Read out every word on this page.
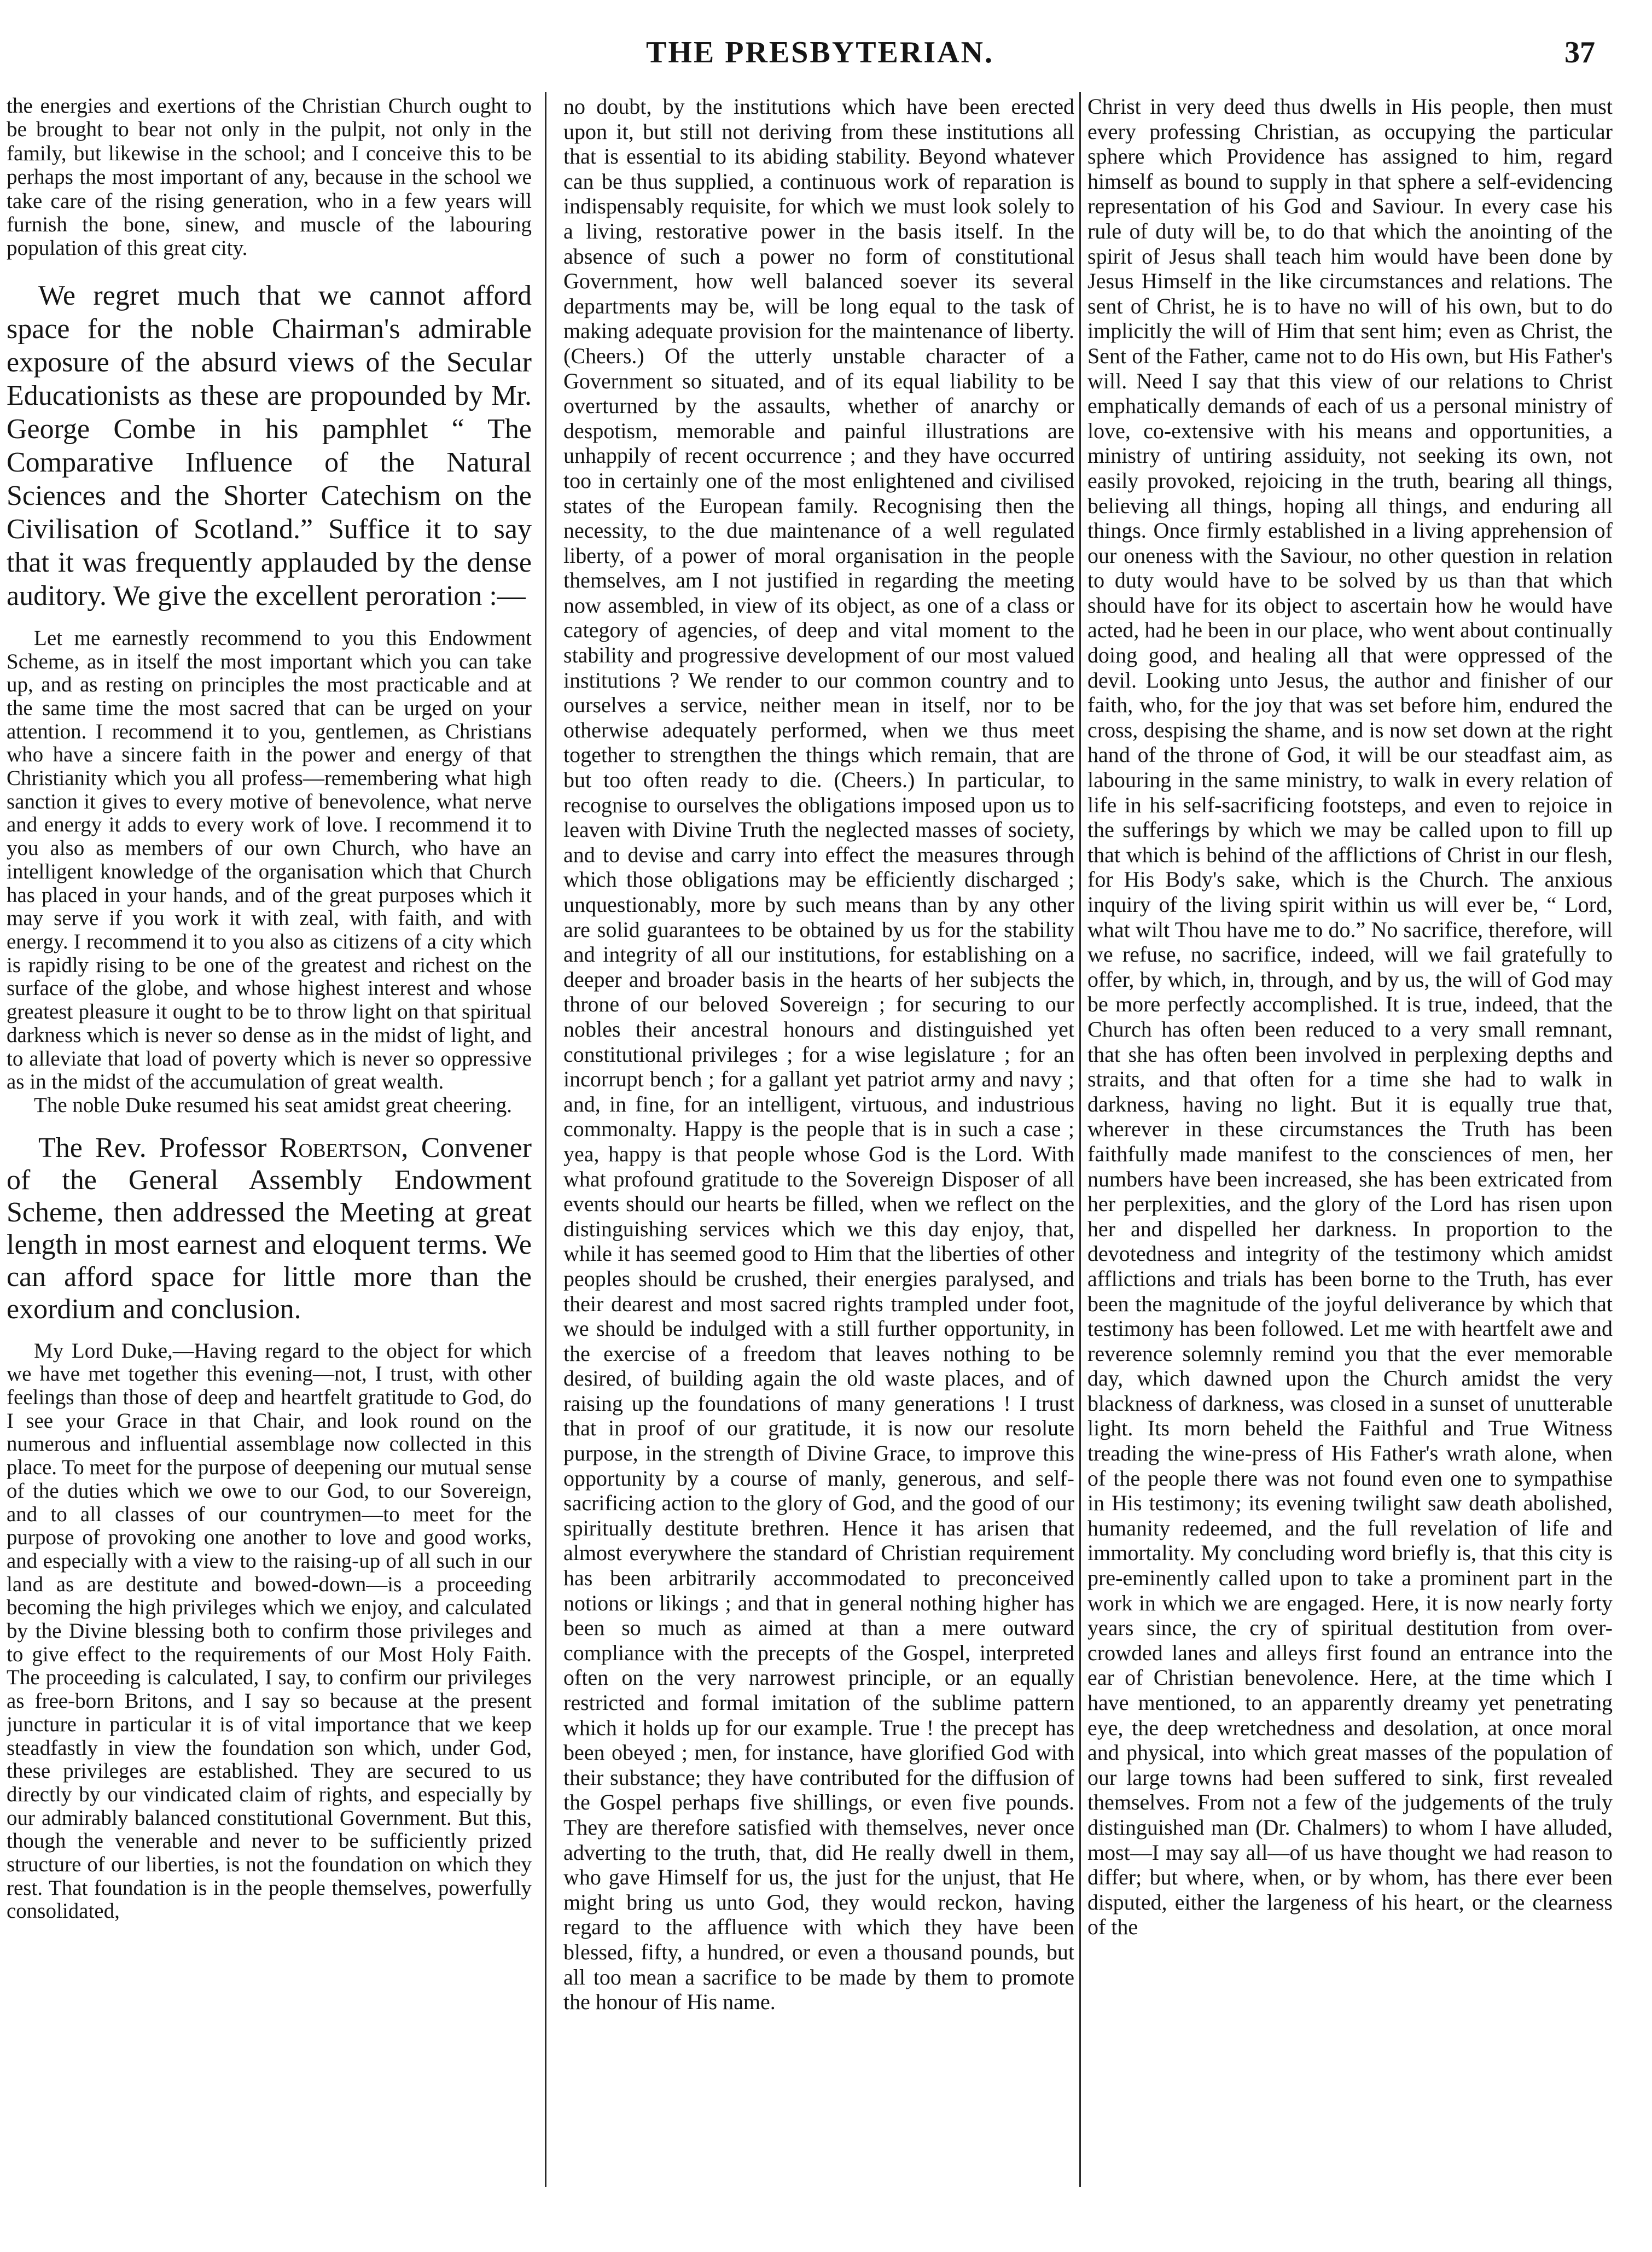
THE PRESBYTERIAN.	37

the energies and exertions of the Christian Church ought to be brought to bear not only in the pulpit, not only in the family, but likewise in the school; and I conceive this to be perhaps the most important of any, because in the school we take care of the rising generation, who in a few years will furnish the bone, sinew, and muscle of the labouring population of this great city.

We regret much that we cannot afford space for the noble Chairman's admirable exposure of the absurd views of the Secular Educationists as these are propounded by Mr. George Combe in his pamphlet “ The Comparative Influence of the Natural Sciences and the Shorter Catechism on the Civilisation of Scotland.” Suffice it to say that it was frequently applauded by the dense auditory. We give the excellent peroration :—

Let me earnestly recommend to you this Endowment Scheme, as in itself the most important which you can take up, and as resting on principles the most practicable and at the same time the most sacred that can be urged on your attention. I recommend it to you, gentlemen, as Christians who have a sincere faith in the power and energy of that Christianity which you all profess—remembering what high sanction it gives to every motive of benevolence, what nerve and energy it adds to every work of love. I recommend it to you also as members of our own Church, who have an intelligent knowledge of the organisation which that Church has placed in your hands, and of the great purposes which it may serve if you work it with zeal, with faith, and with energy. I recommend it to you also as citizens of a city which is rapidly rising to be one of the greatest and richest on the surface of the globe, and whose highest interest and whose greatest pleasure it ought to be to throw light on that spiritual darkness which is never so dense as in the midst of light, and to alleviate that load of poverty which is never so oppressive as in the midst of the accumulation of great wealth.

The noble Duke resumed his seat amidst great cheering.

The Rev. Professor Robertson, Convener of the General Assembly Endowment Scheme, then addressed the Meeting at great length in most earnest and eloquent terms. We can afford space for little more than the exordium and conclusion.

My Lord Duke,—Having regard to the object for which we have met together this evening—not, I trust, with other feelings than those of deep and heartfelt gratitude to God, do I see your Grace in that Chair, and look round on the numerous and influential assemblage now collected in this place. To meet for the purpose of deepening our mutual sense of the duties which we owe to our God, to our Sovereign, and to all classes of our countrymen—to meet for the purpose of provoking one another to love and good works, and especially with a view to the raising-up of all such in our land as are destitute and bowed-down—is a proceeding becoming the high privileges which we enjoy, and calculated by the Divine blessing both to confirm those privileges and to give effect to the requirements of our Most Holy Faith. The proceeding is calculated, I say, to confirm our privileges as free-born Britons, and I say so because at the present juncture in particular it is of vital importance that we keep steadfastly in view the foundation son which, under God, these privileges are established. They are secured to us directly by our vindicated claim of rights, and especially by our admirably balanced constitutional Government. But this, though the venerable and never to be sufficiently prized structure of our liberties, is not the foundation on which they rest. That foundation is in the people themselves, powerfully consolidated,

no doubt, by the institutions which have been erected upon it, but still not deriving from these institutions all that is essential to its abiding stability. Beyond whatever can be thus supplied, a continuous work of reparation is indispensably requisite, for which we must look solely to a living, restorative power in the basis itself. In the absence of such a power no form of constitutional Government, how well balanced soever its several departments may be, will be long equal to the task of making adequate provision for the maintenance of liberty. (Cheers.) Of the utterly unstable character of a Government so situated, and of its equal liability to be overturned by the assaults, whether of anarchy or despotism, memorable and painful illustrations are unhappily of recent occurrence ; and they have occurred too in certainly one of the most enlightened and civilised states of the European family. Recognising then the necessity, to the due maintenance of a well regulated liberty, of a power of moral organisation in the people themselves, am I not justified in regarding the meeting now assembled, in view of its object, as one of a class or category of agencies, of deep and vital moment to the stability and progressive development of our most valued institutions ? We render to our common country and to ourselves a service, neither mean in itself, nor to be otherwise adequately performed, when we thus meet together to strengthen the things which remain, that are but too often ready to die. (Cheers.) In particular, to recognise to ourselves the obligations imposed upon us to leaven with Divine Truth the neglected masses of society, and to devise and carry into effect the measures through which those obligations may be efficiently discharged ; unquestionably, more by such means than by any other are solid guarantees to be obtained by us for the stability and integrity of all our institutions, for establishing on a deeper and broader basis in the hearts of her subjects the throne of our beloved Sovereign ; for securing to our nobles their ancestral honours and distinguished yet constitutional privileges ; for a wise legislature ; for an incorrupt bench ; for a gallant yet patriot army and navy ; and, in fine, for an intelligent, virtuous, and industrious commonalty. Happy is the people that is in such a case ; yea, happy is that people whose God is the Lord. With what profound gratitude to the Sovereign Disposer of all events should our hearts be filled, when we reflect on the distinguishing services which we this day enjoy, that, while it has seemed good to Him that the liberties of other peoples should be crushed, their energies paralysed, and their dearest and most sacred rights trampled under foot, we should be indulged with a still further opportunity, in the exercise of a freedom that leaves nothing to be desired, of building again the old waste places, and of raising up the foundations of many generations ! I trust that in proof of our gratitude, it is now our resolute purpose, in the strength of Divine Grace, to improve this opportunity by a course of manly, generous, and self-sacrificing action to the glory of God, and the good of our spiritually destitute brethren. Hence it has arisen that almost everywhere the standard of Christian requirement has been arbitrarily accommodated to preconceived notions or likings ; and that in general nothing higher has been so much as aimed at than a mere outward compliance with the precepts of the Gospel, interpreted often on the very narrowest principle, or an equally restricted and formal imitation of the sublime pattern which it holds up for our example. True ! the precept has been obeyed ; men, for instance, have glorified God with their substance; they have contributed for the diffusion of the Gospel perhaps five shillings, or even five pounds. They are therefore satisfied with themselves, never once adverting to the truth, that, did He really dwell in them, who gave Himself for us, the just for the unjust, that He might bring us unto God, they would reckon, having regard to the affluence with which they have been blessed, fifty, a hundred, or even a thousand pounds, but all too mean a sacrifice to be made by them to promote the honour of His name.

Christ in very deed thus dwells in His people, then must every professing Christian, as occupying the particular sphere which Providence has assigned to him, regard himself as bound to supply in that sphere a self-evidencing representation of his God and Saviour. In every case his rule of duty will be, to do that which the anointing of the spirit of Jesus shall teach him would have been done by Jesus Himself in the like circumstances and relations. The sent of Christ, he is to have no will of his own, but to do implicitly the will of Him that sent him; even as Christ, the Sent of the Father, came not to do His own, but His Father's will. Need I say that this view of our relations to Christ emphatically demands of each of us a personal ministry of love, co-extensive with his means and opportunities, a ministry of untiring assiduity, not seeking its own, not easily provoked, rejoicing in the truth, bearing all things, believing all things, hoping all things, and enduring all things. Once firmly established in a living apprehension of our oneness with the Saviour, no other question in relation to duty would have to be solved by us than that which should have for its object to ascertain how he would have acted, had he been in our place, who went about continually doing good, and healing all that were oppressed of the devil. Looking unto Jesus, the author and finisher of our faith, who, for the joy that was set before him, endured the cross, despising the shame, and is now set down at the right hand of the throne of God, it will be our steadfast aim, as labouring in the same ministry, to walk in every relation of life in his self-sacrificing footsteps, and even to rejoice in the sufferings by which we may be called upon to fill up that which is behind of the afflictions of Christ in our flesh, for His Body's sake, which is the Church. The anxious inquiry of the living spirit within us will ever be, “ Lord, what wilt Thou have me to do.” No sacrifice, therefore, will we refuse, no sacrifice, indeed, will we fail gratefully to offer, by which, in, through, and by us, the will of God may be more perfectly accomplished. It is true, indeed, that the Church has often been reduced to a very small remnant, that she has often been involved in perplexing depths and straits, and that often for a time she had to walk in darkness, having no light. But it is equally true that, wherever in these circumstances the Truth has been faithfully made manifest to the consciences of men, her numbers have been increased, she has been extricated from her perplexities, and the glory of the Lord has risen upon her and dispelled her darkness. In proportion to the devotedness and integrity of the testimony which amidst afflictions and trials has been borne to the Truth, has ever been the magnitude of the joyful deliverance by which that testimony has been followed. Let me with heartfelt awe and reverence solemnly remind you that the ever memorable day, which dawned upon the Church amidst the very blackness of darkness, was closed in a sunset of unutterable light. Its morn beheld the Faithful and True Witness treading the wine-press of His Father's wrath alone, when of the people there was not found even one to sympathise in His testimony; its evening twilight saw death abolished, humanity redeemed, and the full revelation of life and immortality. My concluding word briefly is, that this city is pre-eminently called upon to take a prominent part in the work in which we are engaged. Here, it is now nearly forty years since, the cry of spiritual destitution from over-crowded lanes and alleys first found an entrance into the ear of Christian benevolence. Here, at the time which I have mentioned, to an apparently dreamy yet penetrating eye, the deep wretchedness and desolation, at once moral and physical, into which great masses of the population of our large towns had been suffered to sink, first revealed themselves. From not a few of the judgements of the truly distinguished man (Dr. Chalmers) to whom I have alluded, most—I may say all—of us have thought we had reason to differ; but where, when, or by whom, has there ever been disputed, either the largeness of his heart, or the clearness of the
